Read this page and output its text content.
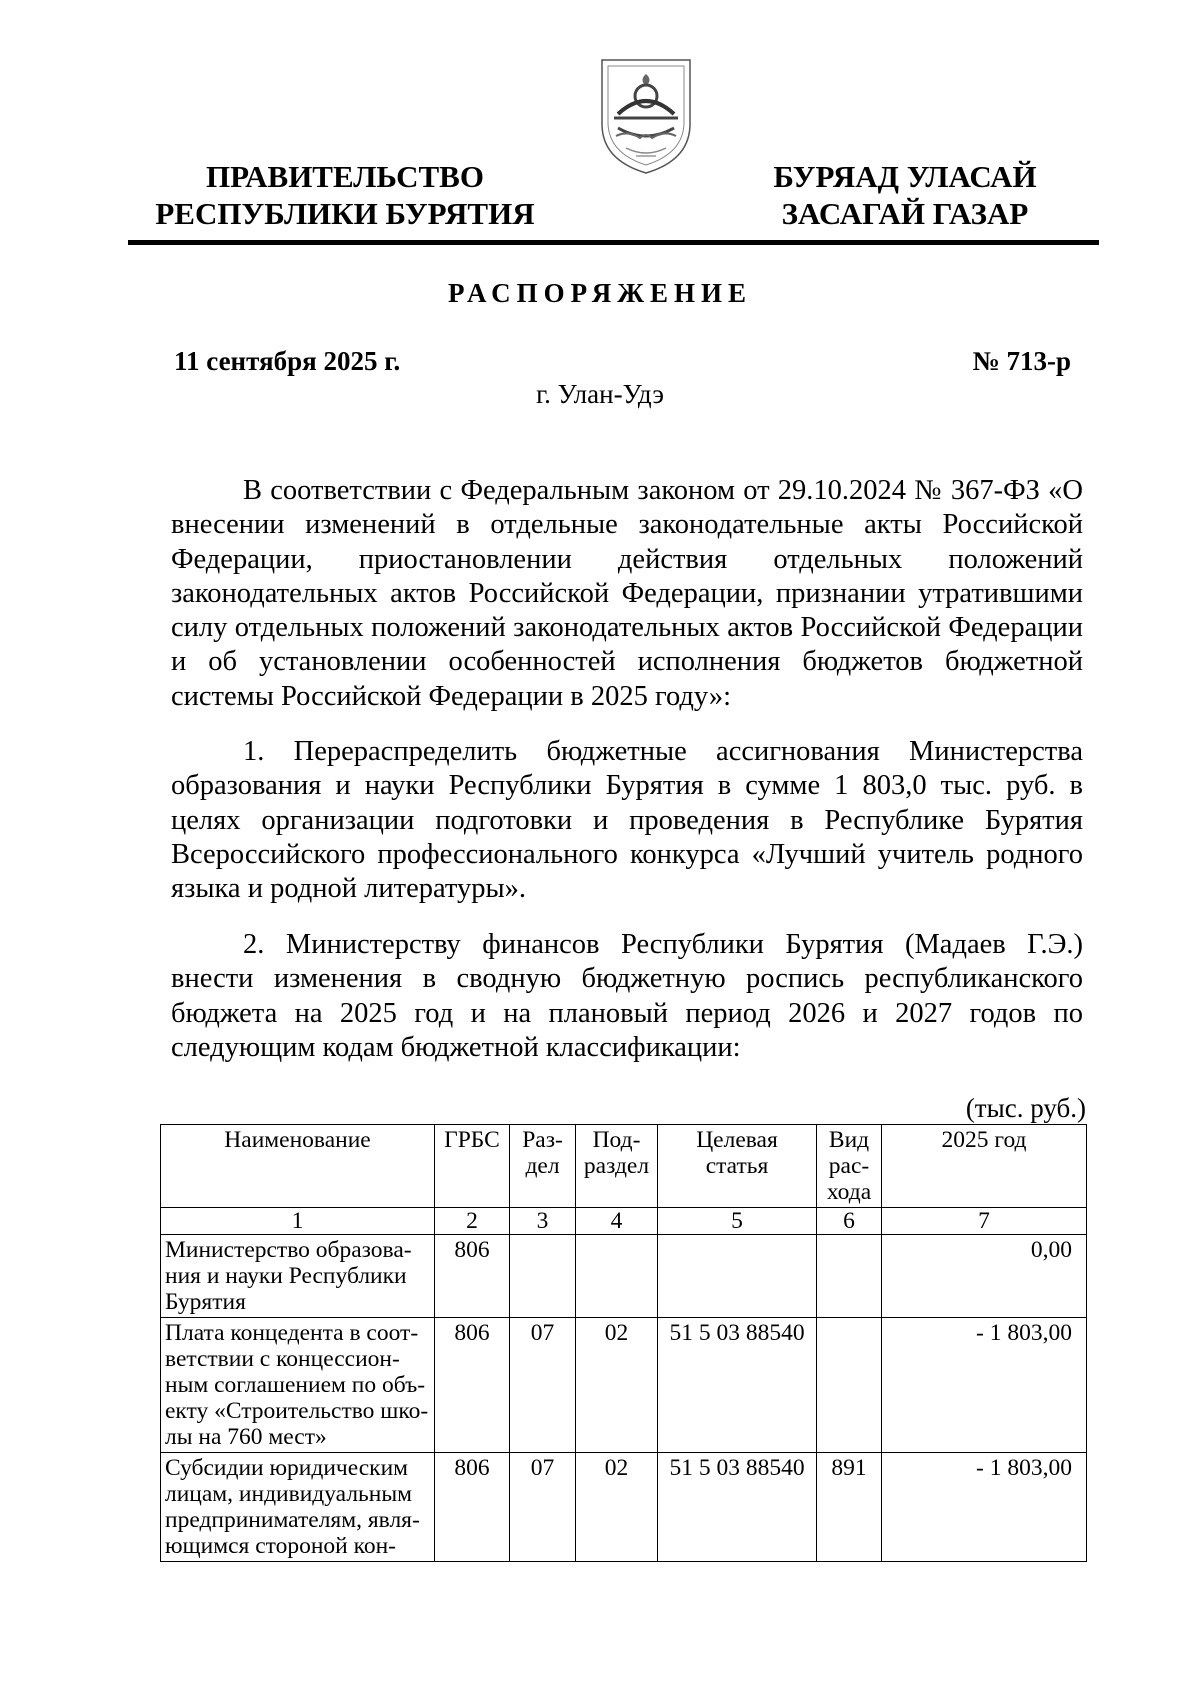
ПРАВИТЕЛЬСТВО
РЕСПУБЛИКИ БУРЯТИЯ
БУРЯАД УЛАСАЙ
ЗАСАГАЙ ГАЗАР
РАСПОРЯЖЕНИЕ
11 сентября 2025 г.	№ 713-р
г. Улан-Удэ

В соответствии с Федеральным законом от 29.10.2024 № 367-ФЗ «О внесении изменений в отдельные законодательные акты Российской Федерации, приостановлении действия отдельных положений законодательных актов Российской Федерации, признании утратившими силу отдельных положений законодательных актов Российской Федерации и об установлении особенностей исполнения бюджетов бюджетной системы Российской Федерации в 2025 году»:

1. Перераспределить бюджетные ассигнования Министерства образования и науки Республики Бурятия в сумме 1 803,0 тыс. руб. в целях организации подготовки и проведения в Республике Бурятия Всероссийского профессионального конкурса «Лучший учитель родного языка и родной литературы».

2. Министерству финансов Республики Бурятия (Мадаев Г.Э.) внести изменения в сводную бюджетную роспись республиканского бюджета на 2025 год и на плановый период 2026 и 2027 годов по следующим кодам бюджетной классификации:

(тыс. руб.)
Наименование	ГРБС	Раздел	Подраздел	Целевая статья	Вид расхода	2025 год
1	2	3	4	5	6	7
Министерство образования и науки Республики Бурятия	806					0,00
Плата концедента в соответствии с концессионным соглашением по объекту «Строительство школы на 760 мест»	806	07	02	51 5 03 88540		- 1 803,00
Субсидии юридическим лицам, индивидуальным предпринимателям, являющимся стороной кон-	806	07	02	51 5 03 88540	891	- 1 803,00
